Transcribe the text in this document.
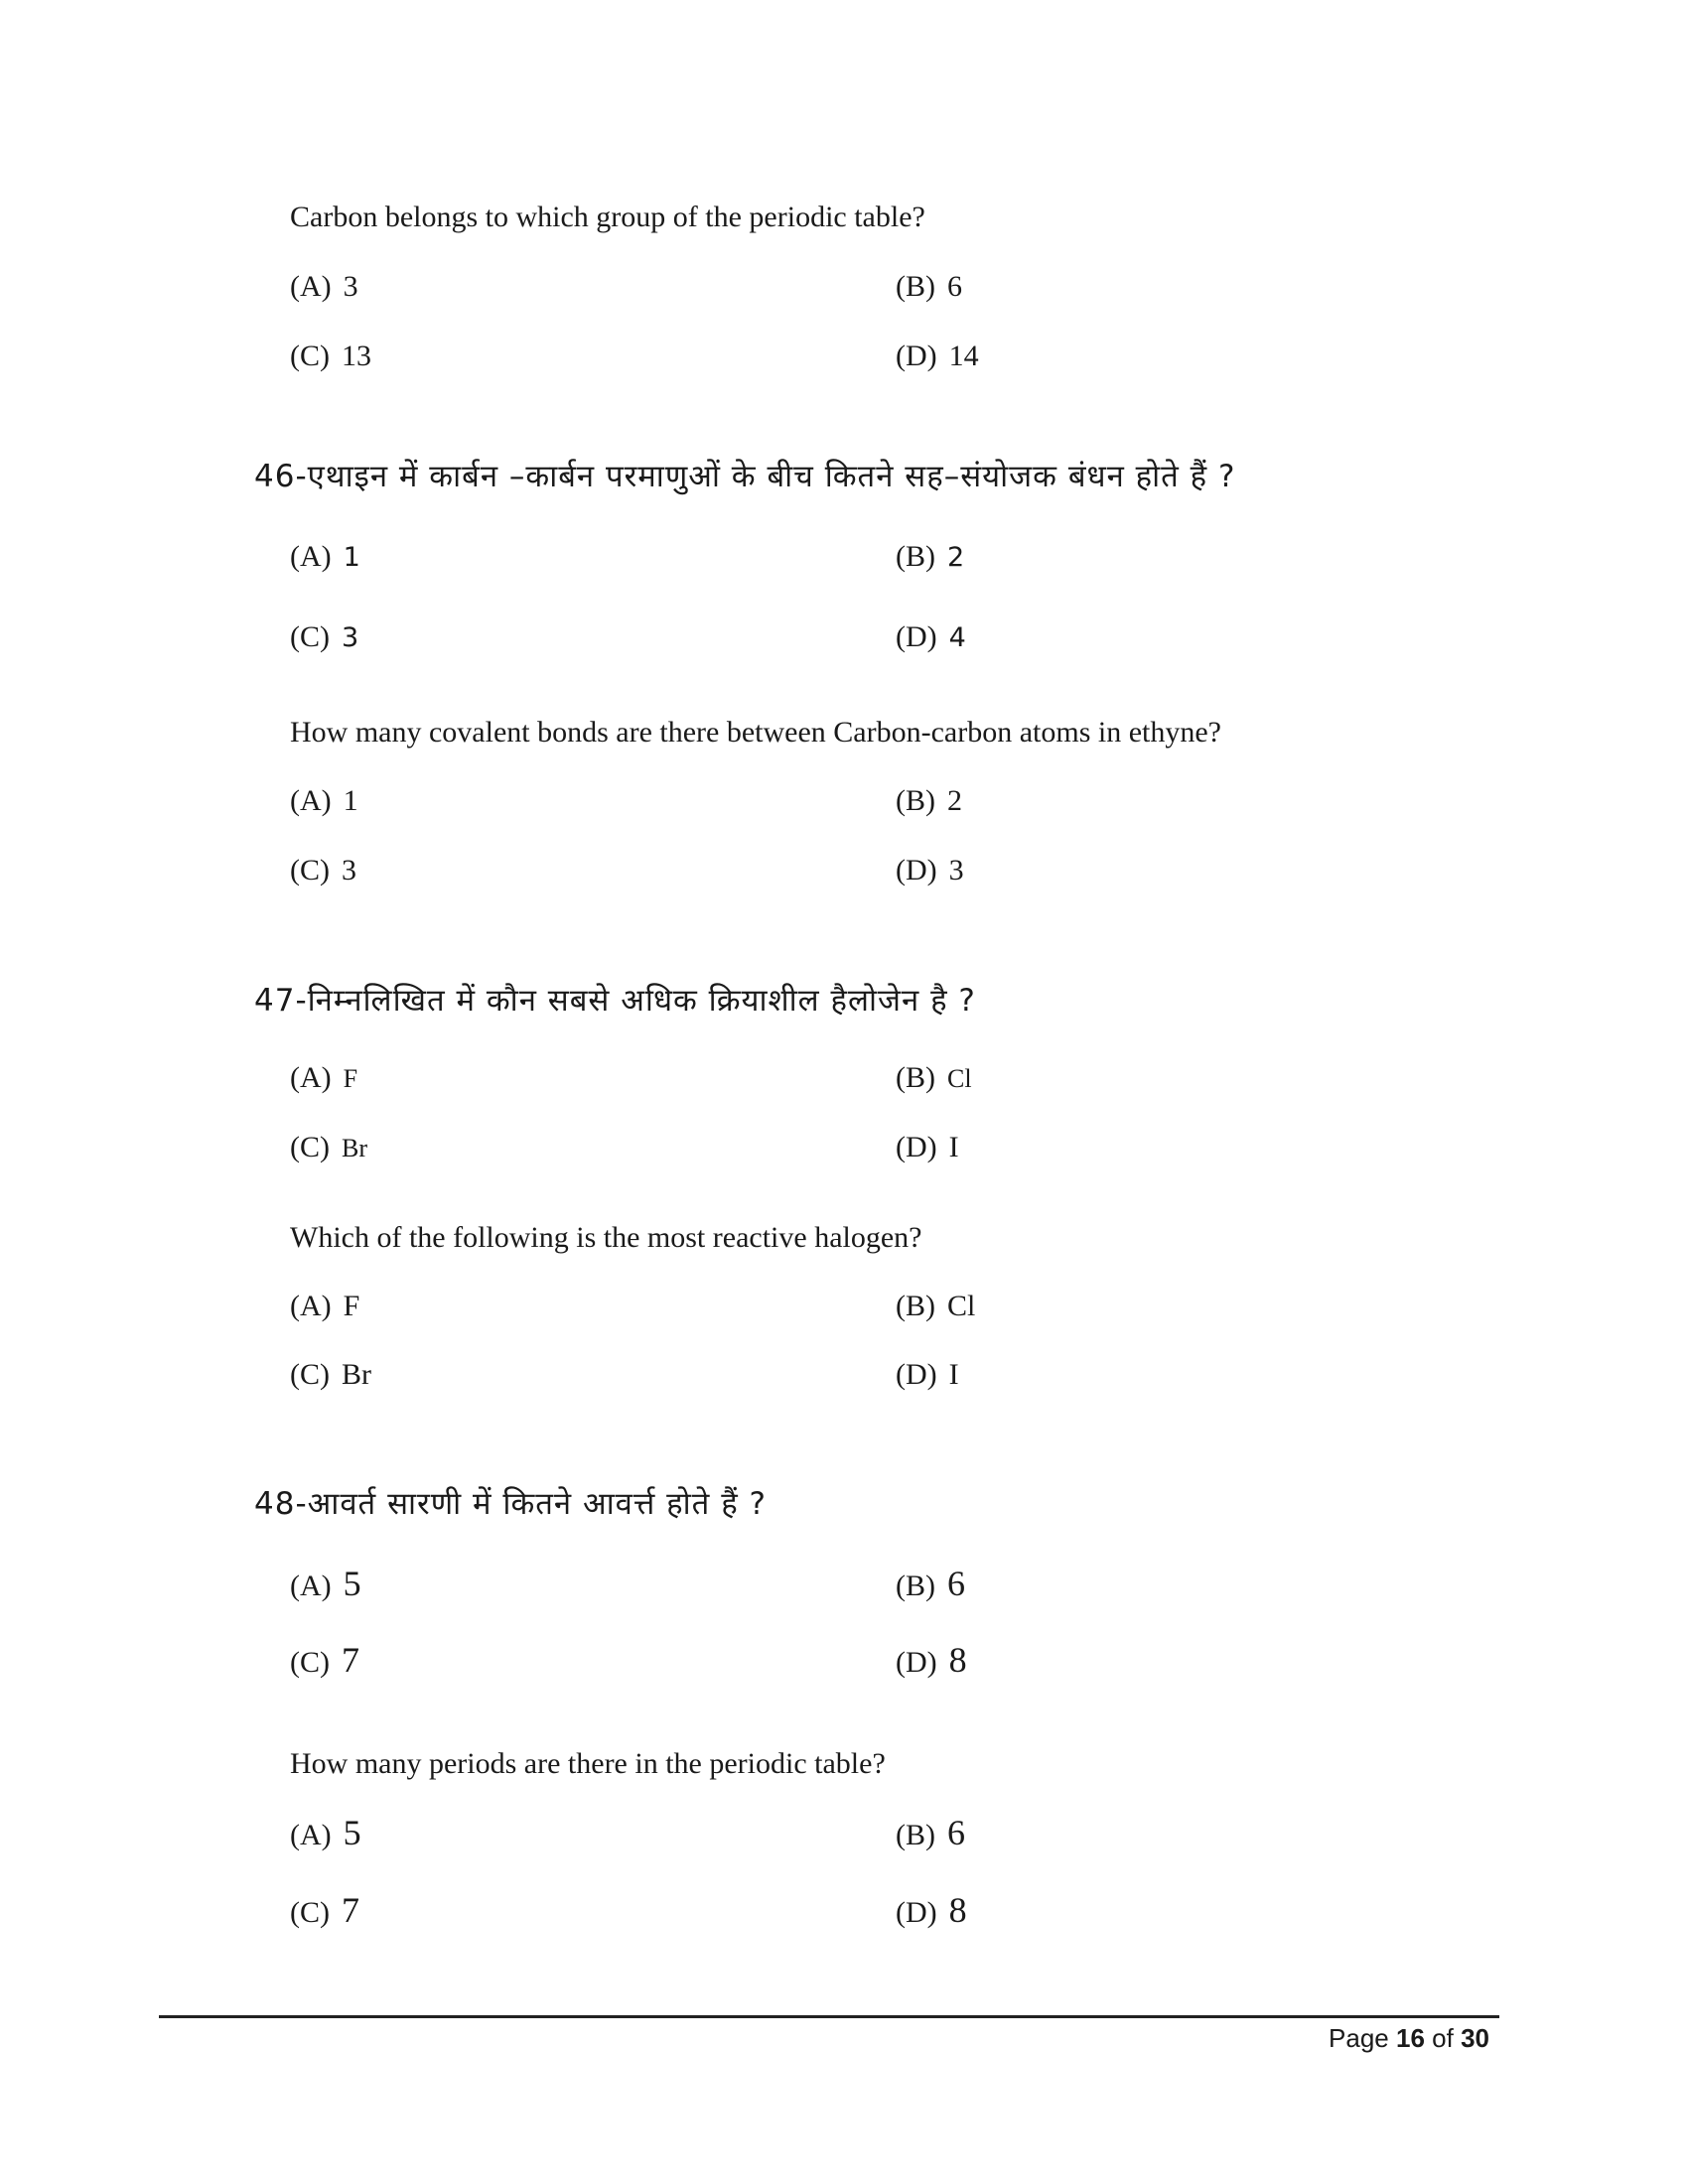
Carbon belongs to which group of the periodic table?
(A) 3	(B) 6
(C) 13	(D) 14
46-एथाइन में कार्बन –कार्बन परमाणुओं के बीच कितने सह–संयोजक बंधन होते हैं ?
(A) 1	(B) 2
(C) 3	(D) 4
How many covalent bonds are there between Carbon-carbon atoms in ethyne?
(A) 1	(B) 2
(C) 3	(D) 3
47-निम्नलिखित में कौन सबसे अधिक क्रियाशील हैलोजेन है ?
(A) F	(B) Cl
(C) Br	(D) I
Which of the following is the most reactive halogen?
(A) F	(B) Cl
(C) Br	(D) I
48-आवर्त सारणी में कितने आवर्त्त होते हैं ?
(A) 5	(B) 6
(C) 7	(D) 8
How many periods are there in the periodic table?
(A) 5	(B) 6
(C) 7	(D) 8
Page 16 of 30
